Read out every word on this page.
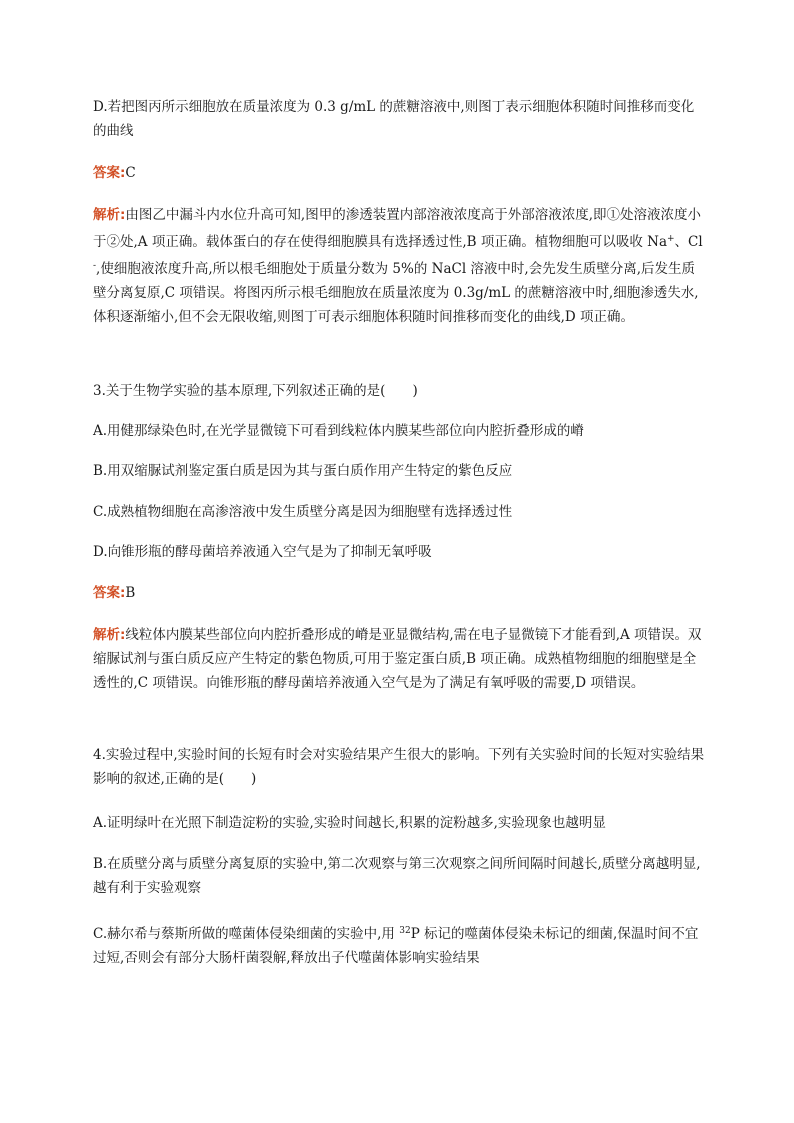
D.若把图丙所示细胞放在质量浓度为 0.3 g/mL 的蔗糖溶液中,则图丁表示细胞体积随时间推移而变化的曲线

答案:C

解析:由图乙中漏斗内水位升高可知,图甲的渗透装置内部溶液浓度高于外部溶液浓度,即①处溶液浓度小于②处,A 项正确。载体蛋白的存在使得细胞膜具有选择透过性,B 项正确。植物细胞可以吸收 Na+、Cl-,使细胞液浓度升高,所以根毛细胞处于质量分数为 5%的 NaCl 溶液中时,会先发生质壁分离,后发生质壁分离复原,C 项错误。将图丙所示根毛细胞放在质量浓度为 0.3g/mL 的蔗糖溶液中时,细胞渗透失水,体积逐渐缩小,但不会无限收缩,则图丁可表示细胞体积随时间推移而变化的曲线,D 项正确。

3.关于生物学实验的基本原理,下列叙述正确的是(　　)

A.用健那绿染色时,在光学显微镜下可看到线粒体内膜某些部位向内腔折叠形成的嵴

B.用双缩脲试剂鉴定蛋白质是因为其与蛋白质作用产生特定的紫色反应

C.成熟植物细胞在高渗溶液中发生质壁分离是因为细胞壁有选择透过性

D.向锥形瓶的酵母菌培养液通入空气是为了抑制无氧呼吸

答案:B

解析:线粒体内膜某些部位向内腔折叠形成的嵴是亚显微结构,需在电子显微镜下才能看到,A 项错误。双缩脲试剂与蛋白质反应产生特定的紫色物质,可用于鉴定蛋白质,B 项正确。成熟植物细胞的细胞壁是全透性的,C 项错误。向锥形瓶的酵母菌培养液通入空气是为了满足有氧呼吸的需要,D 项错误。

4.实验过程中,实验时间的长短有时会对实验结果产生很大的影响。下列有关实验时间的长短对实验结果影响的叙述,正确的是(　　)

A.证明绿叶在光照下制造淀粉的实验,实验时间越长,积累的淀粉越多,实验现象也越明显

B.在质壁分离与质壁分离复原的实验中,第二次观察与第三次观察之间所间隔时间越长,质壁分离越明显,越有利于实验观察

C.赫尔希与蔡斯所做的噬菌体侵染细菌的实验中,用 $^{32}$P 标记的噬菌体侵染未标记的细菌,保温时间不宜过短,否则会有部分大肠杆菌裂解,释放出子代噬菌体影响实验结果
